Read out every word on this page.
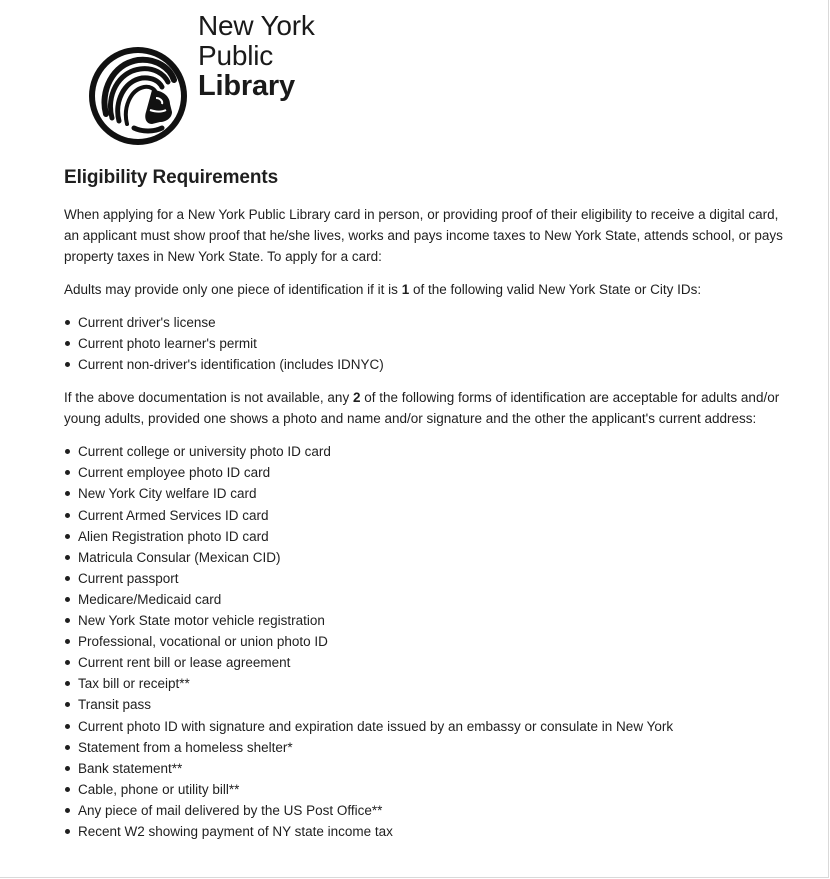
New York
Public
Library
Eligibility Requirements

When applying for a New York Public Library card in person, or providing proof of their eligibility to receive a digital card, an applicant must show proof that he/she lives, works and pays income taxes to New York State, attends school, or pays property taxes in New York State. To apply for a card:

Adults may provide only one piece of identification if it is 1 of the following valid New York State or City IDs:

Current driver's license
Current photo learner's permit
Current non-driver's identification (includes IDNYC)

If the above documentation is not available, any 2 of the following forms of identification are acceptable for adults and/or young adults, provided one shows a photo and name and/or signature and the other the applicant's current address:

Current college or university photo ID card
Current employee photo ID card
New York City welfare ID card
Current Armed Services ID card
Alien Registration photo ID card
Matricula Consular (Mexican CID)
Current passport
Medicare/Medicaid card
New York State motor vehicle registration
Professional, vocational or union photo ID
Current rent bill or lease agreement
Tax bill or receipt**
Transit pass
Current photo ID with signature and expiration date issued by an embassy or consulate in New York
Statement from a homeless shelter*
Bank statement**
Cable, phone or utility bill**
Any piece of mail delivered by the US Post Office**
Recent W2 showing payment of NY state income tax
